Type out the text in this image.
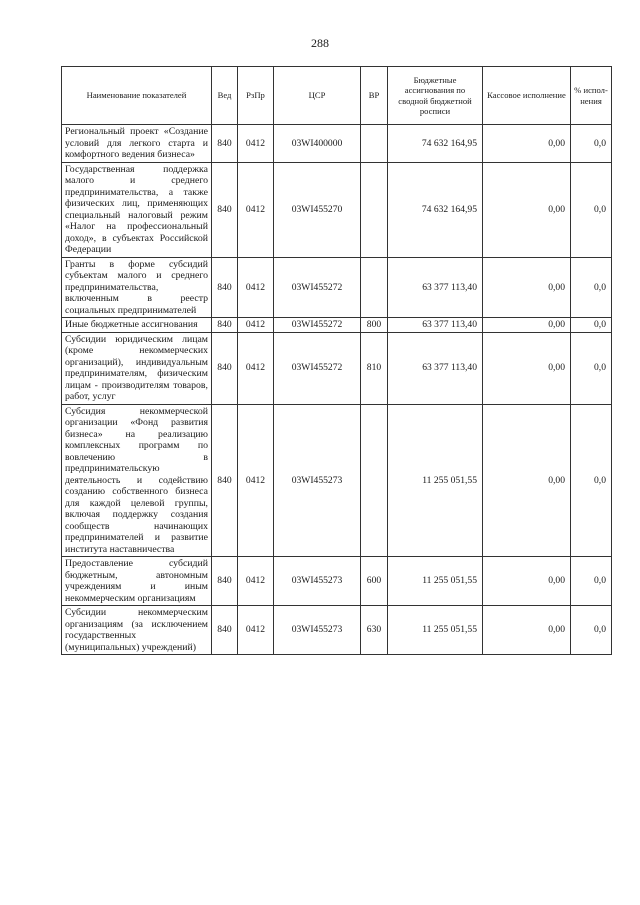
288
Наименование показателей	Вед	РзПр	ЦСР	ВР	Бюджетные ассигнования по сводной бюджетной росписи	Кассовое исполнение	% испол-нения
Региональный проект «Создание условий для легкого старта и комфортного ведения бизнеса»	840	0412	03WI400000		74 632 164,95	0,00	0,0
Государственная поддержка малого и среднего предпринимательства, а также физических лиц, применяющих специальный налоговый режим «Налог на профессиональный доход», в субъектах Российской Федерации	840	0412	03WI455270		74 632 164,95	0,00	0,0
Гранты в форме субсидий субъектам малого и среднего предпринимательства, включенным в реестр социальных предпринимателей	840	0412	03WI455272		63 377 113,40	0,00	0,0
Иные бюджетные ассигнования	840	0412	03WI455272	800	63 377 113,40	0,00	0,0
Субсидии юридическим лицам (кроме некоммерческих организаций), индивидуальным предпринимателям, физическим лицам - производителям товаров, работ, услуг	840	0412	03WI455272	810	63 377 113,40	0,00	0,0
Субсидия некоммерческой организации «Фонд развития бизнеса» на реализацию комплексных программ по вовлечению в предпринимательскую деятельность и содействию созданию собственного бизнеса для каждой целевой группы, включая поддержку создания сообществ начинающих предпринимателей и развитие института наставничества	840	0412	03WI455273		11 255 051,55	0,00	0,0
Предоставление субсидий бюджетным, автономным учреждениям и иным некоммерческим организациям	840	0412	03WI455273	600	11 255 051,55	0,00	0,0
Субсидии некоммерческим организациям (за исключением государственных (муниципальных) учреждений)	840	0412	03WI455273	630	11 255 051,55	0,00	0,0
